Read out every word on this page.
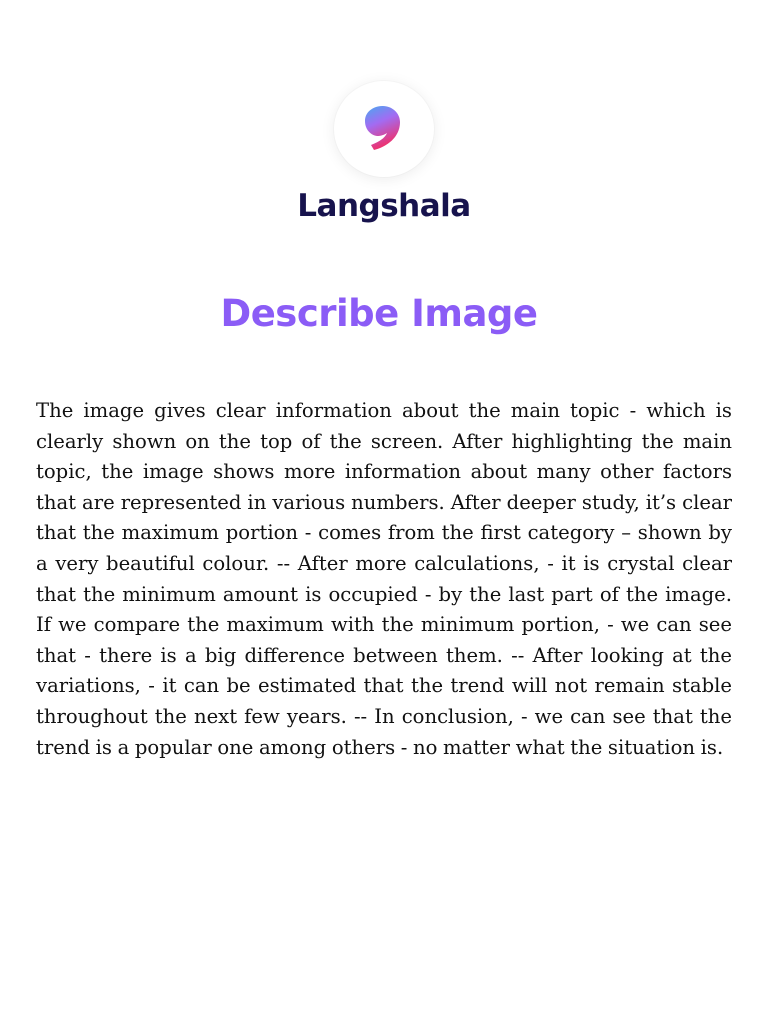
Langshala
Describe Image

The image gives clear information about the main topic - which is clearly shown on the top of the screen. After highlighting the main topic, the image shows more information about many other factors that are represented in various numbers. After deeper study, it’s clear that the maximum portion - comes from the first category – shown by a very beautiful colour. -- After more calculations, - it is crystal clear that the minimum amount is occupied - by the last part of the image. If we compare the maximum with the minimum portion, - we can see that - there is a big difference between them. -- After looking at the variations, - it can be estimated that the trend will not remain stable throughout the next few years. -- In conclusion, - we can see that the trend is a popular one among others - no matter what the situation is.
